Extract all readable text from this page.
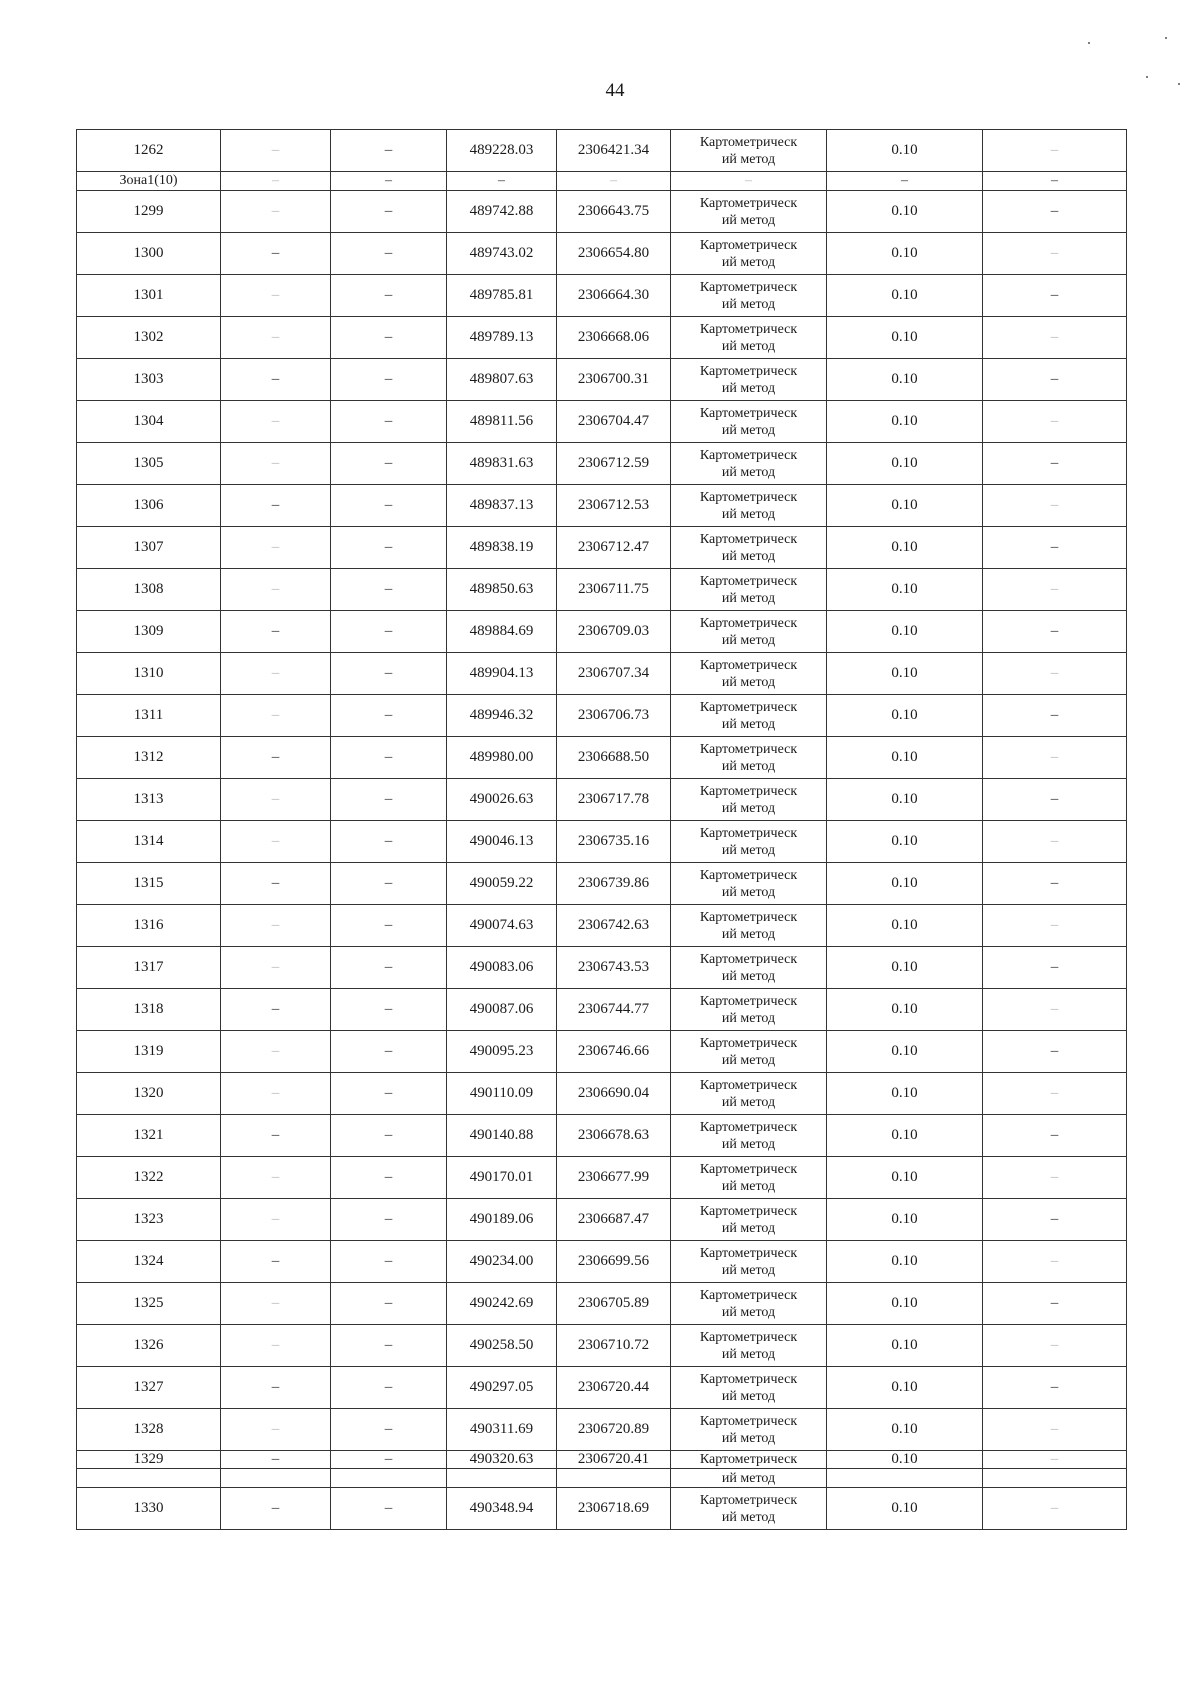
44
1262	–	–	489228.03	2306421.34	Картометрическ
ий метод	0.10	–
Зона1(10)	–	–	–	–	–	–	–
1299	–	–	489742.88	2306643.75	Картометрическ
ий метод	0.10	–
1300	–	–	489743.02	2306654.80	Картометрическ
ий метод	0.10	–
1301	–	–	489785.81	2306664.30	Картометрическ
ий метод	0.10	–
1302	–	–	489789.13	2306668.06	Картометрическ
ий метод	0.10	–
1303	–	–	489807.63	2306700.31	Картометрическ
ий метод	0.10	–
1304	–	–	489811.56	2306704.47	Картометрическ
ий метод	0.10	–
1305	–	–	489831.63	2306712.59	Картометрическ
ий метод	0.10	–
1306	–	–	489837.13	2306712.53	Картометрическ
ий метод	0.10	–
1307	–	–	489838.19	2306712.47	Картометрическ
ий метод	0.10	–
1308	–	–	489850.63	2306711.75	Картометрическ
ий метод	0.10	–
1309	–	–	489884.69	2306709.03	Картометрическ
ий метод	0.10	–
1310	–	–	489904.13	2306707.34	Картометрическ
ий метод	0.10	–
1311	–	–	489946.32	2306706.73	Картометрическ
ий метод	0.10	–
1312	–	–	489980.00	2306688.50	Картометрическ
ий метод	0.10	–
1313	–	–	490026.63	2306717.78	Картометрическ
ий метод	0.10	–
1314	–	–	490046.13	2306735.16	Картометрическ
ий метод	0.10	–
1315	–	–	490059.22	2306739.86	Картометрическ
ий метод	0.10	–
1316	–	–	490074.63	2306742.63	Картометрическ
ий метод	0.10	–
1317	–	–	490083.06	2306743.53	Картометрическ
ий метод	0.10	–
1318	–	–	490087.06	2306744.77	Картометрическ
ий метод	0.10	–
1319	–	–	490095.23	2306746.66	Картометрическ
ий метод	0.10	–
1320	–	–	490110.09	2306690.04	Картометрическ
ий метод	0.10	–
1321	–	–	490140.88	2306678.63	Картометрическ
ий метод	0.10	–
1322	–	–	490170.01	2306677.99	Картометрическ
ий метод	0.10	–
1323	–	–	490189.06	2306687.47	Картометрическ
ий метод	0.10	–
1324	–	–	490234.00	2306699.56	Картометрическ
ий метод	0.10	–
1325	–	–	490242.69	2306705.89	Картометрическ
ий метод	0.10	–
1326	–	–	490258.50	2306710.72	Картометрическ
ий метод	0.10	–
1327	–	–	490297.05	2306720.44	Картометрическ
ий метод	0.10	–
1328	–	–	490311.69	2306720.89	Картометрическ
ий метод	0.10	–
1329	–	–	490320.63	2306720.41	Картометрическ	0.10	–
					ий метод		
1330	–	–	490348.94	2306718.69	Картометрическ
ий метод	0.10	–
